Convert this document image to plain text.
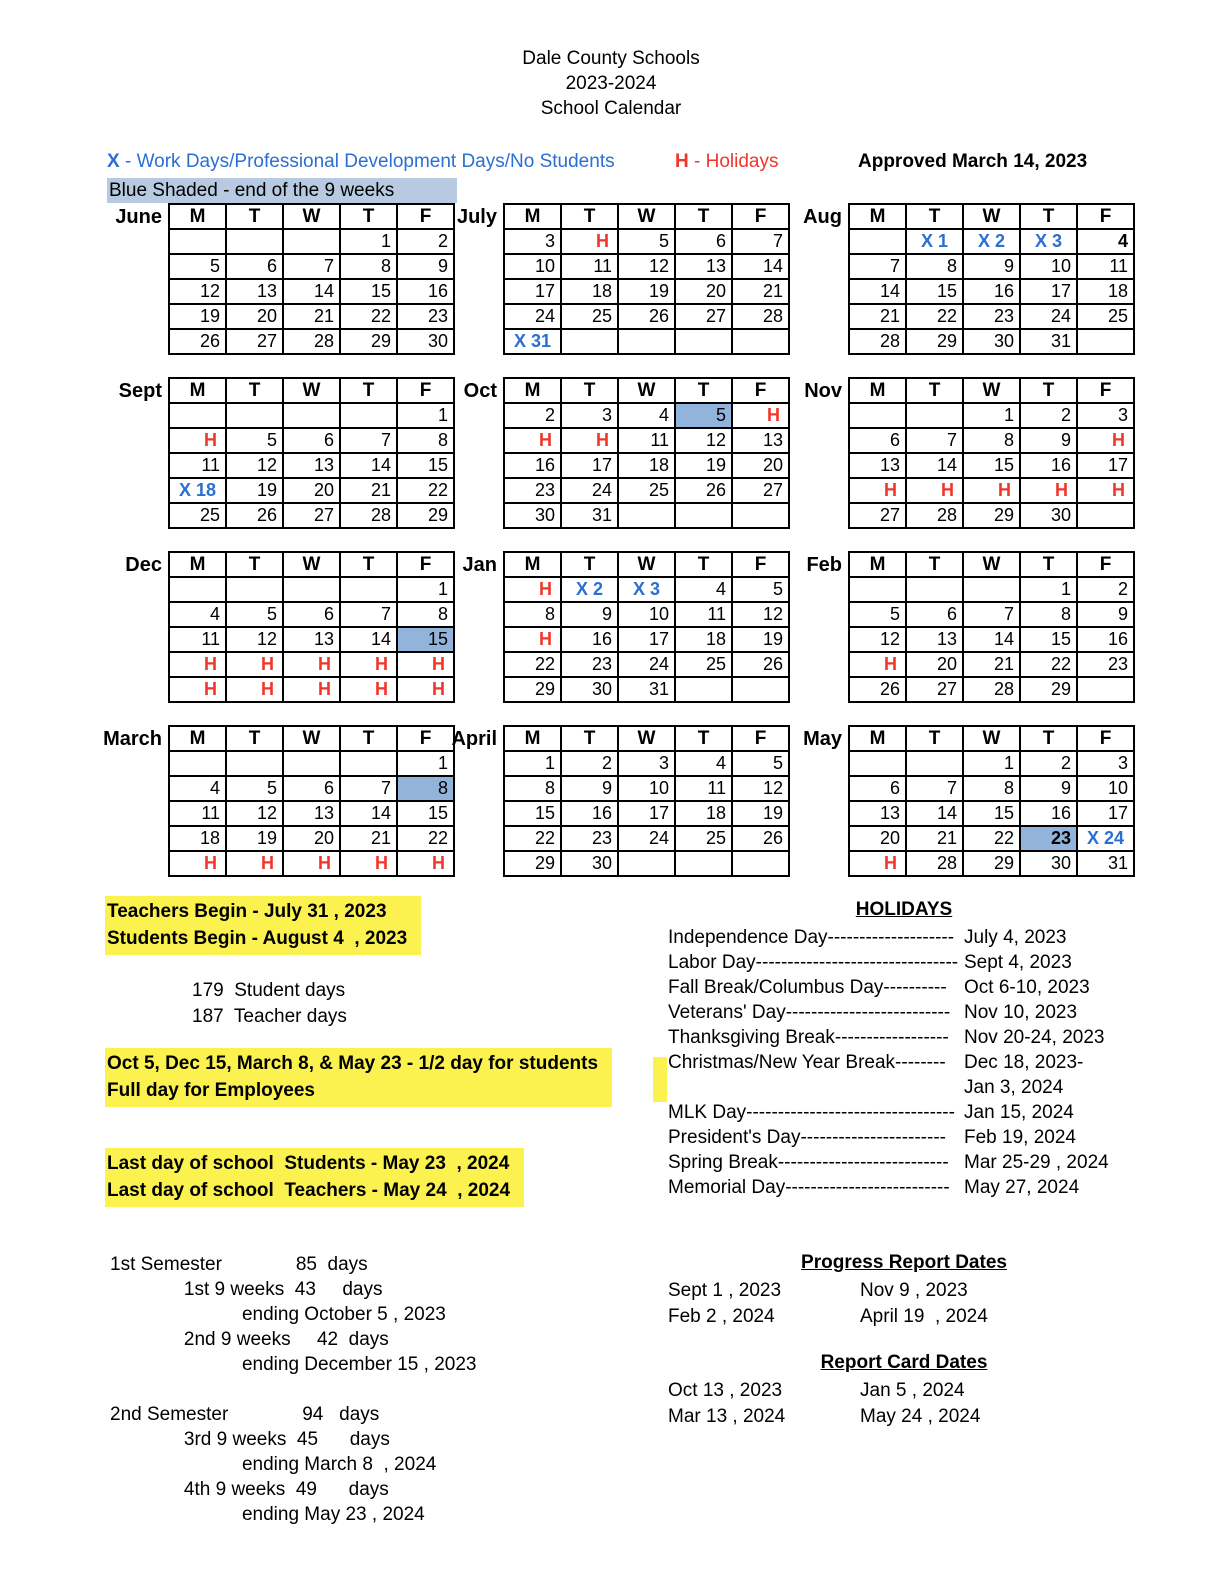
Dale County Schools
2023-2024
School Calendar
X - Work Days/Professional Development Days/No Students	H - Holidays	Approved March 14, 2023
Blue Shaded - end of the 9 weeks
June M	T	W	T	F
			1	2
5	6	7	8	9
12	13	14	15	16
19	20	21	22	23
26	27	28	29	30
July M	T	W	T	F
3	H	5	6	7
10	11	12	13	14
17	18	19	20	21
24	25	26	27	28
X 31				
Aug M	T	W	T	F
	X 1	X 2	X 3	4
7	8	9	10	11
14	15	16	17	18
21	22	23	24	25
28	29	30	31	
Sept M	T	W	T	F
				1
H	5	6	7	8
11	12	13	14	15
X 18	19	20	21	22
25	26	27	28	29
Oct M	T	W	T	F
2	3	4	5	H
H	H	11	12	13
16	17	18	19	20
23	24	25	26	27
30	31			
Nov M	T	W	T	F
		1	2	3
6	7	8	9	H
13	14	15	16	17
H	H	H	H	H
27	28	29	30	
Dec M	T	W	T	F
				1
4	5	6	7	8
11	12	13	14	15
H	H	H	H	H
H	H	H	H	H
Jan M	T	W	T	F
H	X 2	X 3	4	5
8	9	10	11	12
H	16	17	18	19
22	23	24	25	26
29	30	31		
Feb M	T	W	T	F
			1	2
5	6	7	8	9
12	13	14	15	16
H	20	21	22	23
26	27	28	29	
March M	T	W	T	F
				1
4	5	6	7	8
11	12	13	14	15
18	19	20	21	22
H	H	H	H	H
April M	T	W	T	F
1	2	3	4	5
8	9	10	11	12
15	16	17	18	19
22	23	24	25	26
29	30			
May M	T	W	T	F
		1	2	3
6	7	8	9	10
13	14	15	16	17
20	21	22	23	X 24
H	28	29	30	31
Teachers Begin - July 31 , 2023
Students Begin - August 4  , 2023
179  Student days
187  Teacher days
Oct 5, Dec 15, March 8, & May 23 - 1/2 day for students
Full day for Employees
Last day of school  Students - May 23  , 2024
Last day of school  Teachers - May 24  , 2024
1st Semester              85  days
1st 9 weeks  43     days
ending October 5 , 2023
2nd 9 weeks     42  days
ending December 15 , 2023
2nd Semester              94   days
3rd 9 weeks  45      days
ending March 8  , 2024
4th 9 weeks  49      days
ending May 23 , 2024
HOLIDAYS
Independence Day-------------------- July 4, 2023
Labor Day-------------------------------- Sept 4, 2023
Fall Break/Columbus Day---------- Oct 6-10, 2023
Veterans' Day-------------------------- Nov 10, 2023
Thanksgiving Break------------------ Nov 20-24, 2023
Christmas/New Year Break-------- Dec 18, 2023-
Jan 3, 2024
MLK Day--------------------------------- Jan 15, 2024
President's Day----------------------- Feb 19, 2024
Spring Break--------------------------- Mar 25-29 , 2024
Memorial Day-------------------------- May 27, 2024
Progress Report Dates
Sept 1 , 2023	Nov 9 , 2023
Feb 2 , 2024	April 19  , 2024
Report Card Dates
Oct 13 , 2023	Jan 5 , 2024
Mar 13 , 2024	May 24 , 2024
